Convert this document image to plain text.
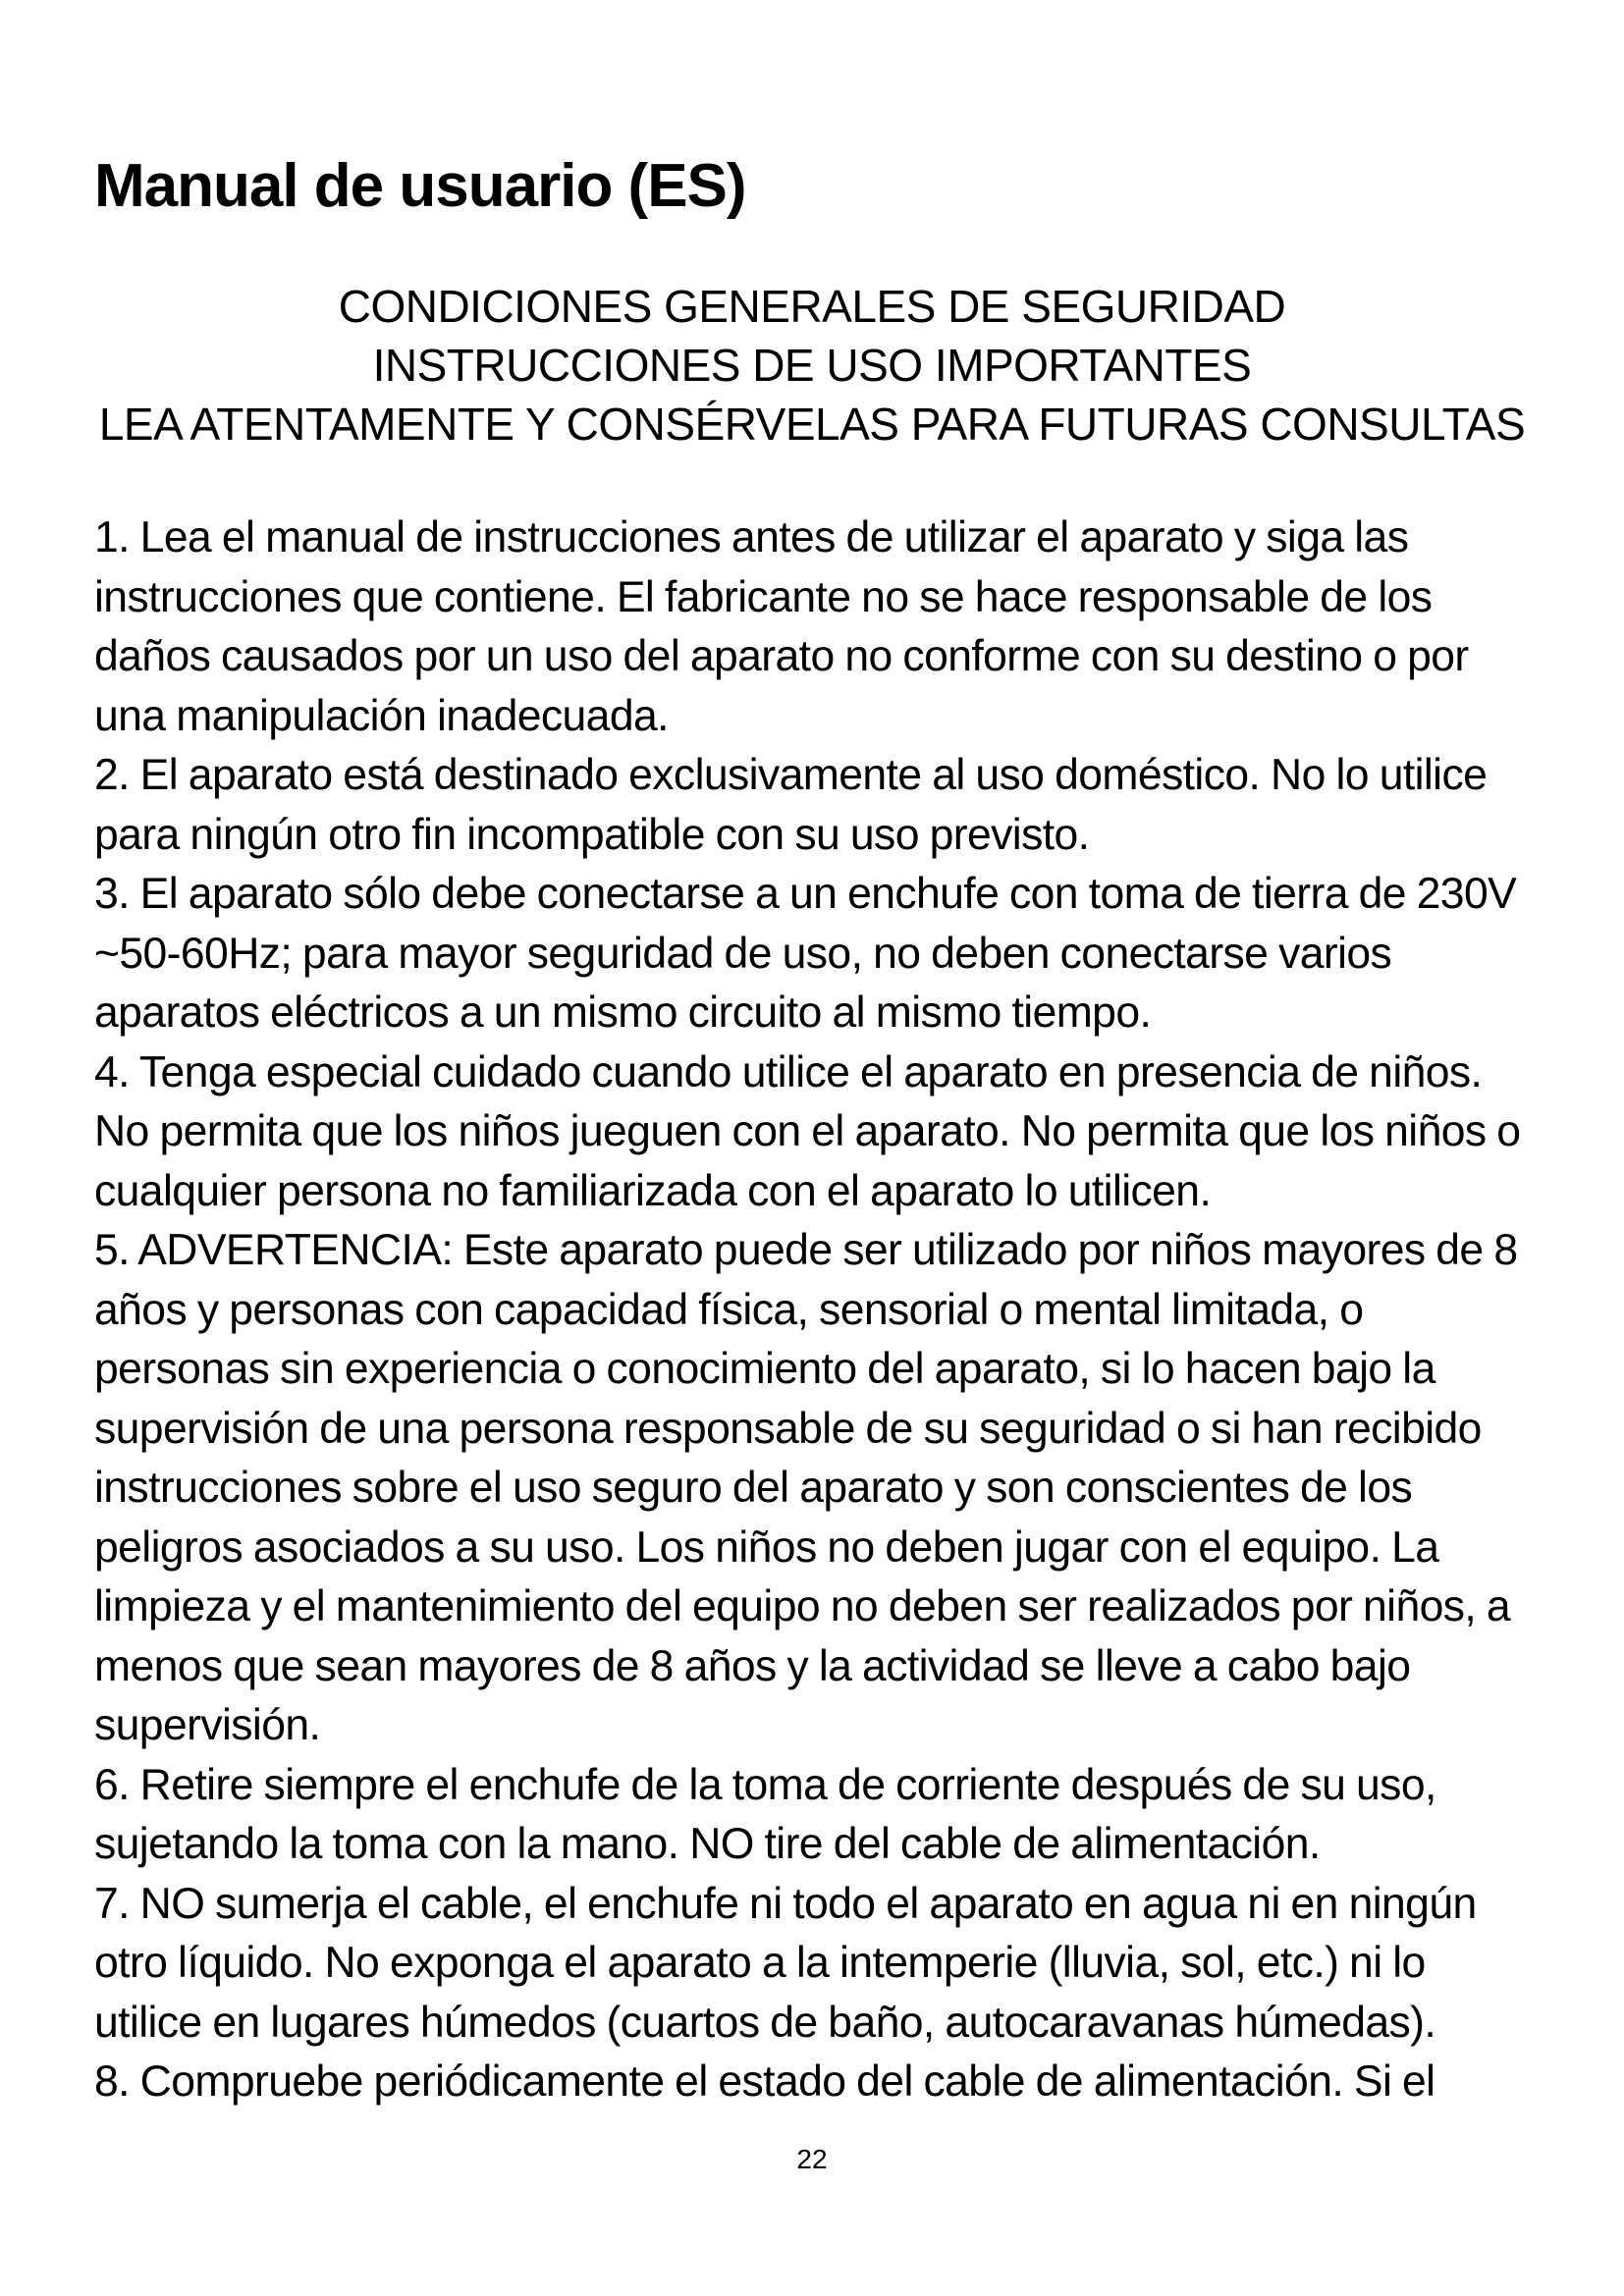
Manual de usuario (ES)
CONDICIONES GENERALES DE SEGURIDAD
INSTRUCCIONES DE USO IMPORTANTES
LEA ATENTAMENTE Y CONSÉRVELAS PARA FUTURAS CONSULTAS

1. Lea el manual de instrucciones antes de utilizar el aparato y siga las instrucciones que contiene. El fabricante no se hace responsable de los daños causados por un uso del aparato no conforme con su destino o por una manipulación inadecuada.

2. El aparato está destinado exclusivamente al uso doméstico. No lo utilice para ningún otro fin incompatible con su uso previsto.

3. El aparato sólo debe conectarse a un enchufe con toma de tierra de 230V ~50-60Hz; para mayor seguridad de uso, no deben conectarse varios aparatos eléctricos a un mismo circuito al mismo tiempo.

4. Tenga especial cuidado cuando utilice el aparato en presencia de niños. No permita que los niños jueguen con el aparato. No permita que los niños o cualquier persona no familiarizada con el aparato lo utilicen.

5. ADVERTENCIA: Este aparato puede ser utilizado por niños mayores de 8 años y personas con capacidad física, sensorial o mental limitada, o personas sin experiencia o conocimiento del aparato, si lo hacen bajo la supervisión de una persona responsable de su seguridad o si han recibido instrucciones sobre el uso seguro del aparato y son conscientes de los peligros asociados a su uso. Los niños no deben jugar con el equipo. La limpieza y el mantenimiento del equipo no deben ser realizados por niños, a menos que sean mayores de 8 años y la actividad se lleve a cabo bajo supervisión.

6. Retire siempre el enchufe de la toma de corriente después de su uso, sujetando la toma con la mano. NO tire del cable de alimentación.

7. NO sumerja el cable, el enchufe ni todo el aparato en agua ni en ningún otro líquido. No exponga el aparato a la intemperie (lluvia, sol, etc.) ni lo utilice en lugares húmedos (cuartos de baño, autocaravanas húmedas).

8. Compruebe periódicamente el estado del cable de alimentación. Si el

22
